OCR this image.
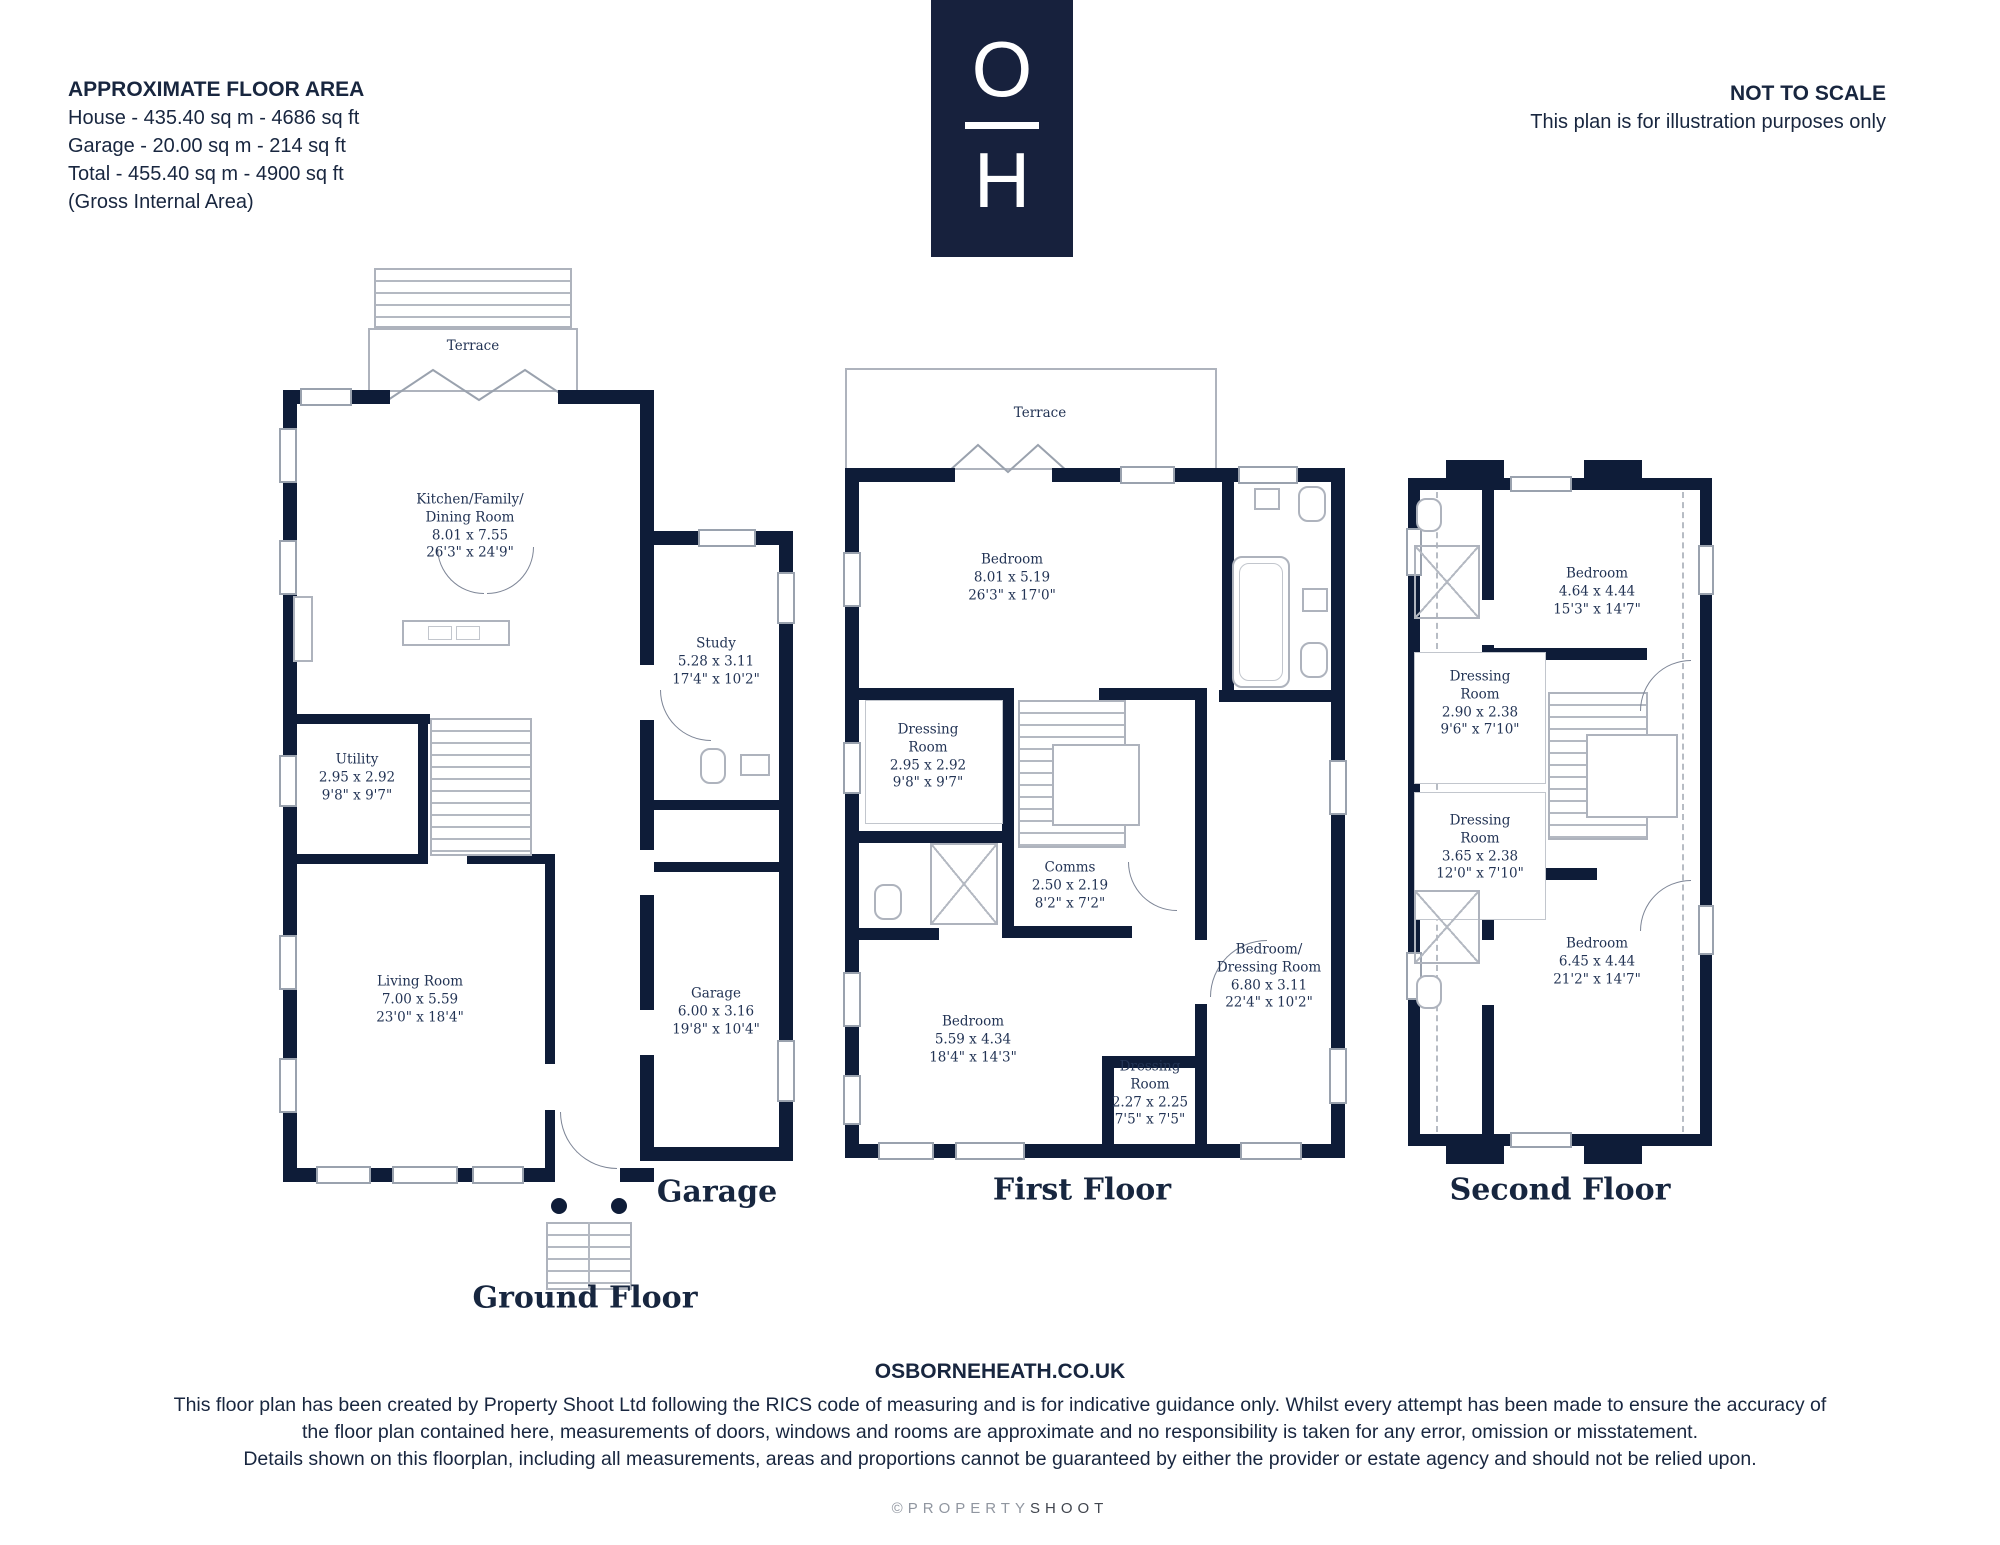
APPROXIMATE FLOOR AREA
House - 435.40 sq m - 4686 sq ft
Garage - 20.00 sq m - 214 sq ft
Total - 455.40 sq m - 4900 sq ft
(Gross Internal Area)
O
H
NOT TO SCALE
This plan is for illustration purposes only
Terrace
Kitchen/Family/
Dining Room
8.01 x 7.55
26'3" x 24'9"
Study
5.28 x 3.11
17'4" x 10'2"
Utility
2.95 x 2.92
9'8" x 9'7"
Living Room
7.00 x 5.59
23'0" x 18'4"
Garage
6.00 x 3.16
19'8" x 10'4"
Garage
Ground Floor
Terrace
Bedroom
8.01 x 5.19
26'3" x 17'0"
Dressing
Room
2.95 x 2.92
9'8" x 9'7"
Comms
2.50 x 2.19
8'2" x 7'2"
Bedroom
5.59 x 4.34
18'4" x 14'3"
Dressing
Room
2.27 x 2.25
7'5" x 7'5"
Bedroom/
Dressing Room
6.80 x 3.11
22'4" x 10'2"
First Floor
Bedroom
4.64 x 4.44
15'3" x 14'7"
Dressing
Room
2.90 x 2.38
9'6" x 7'10"
Dressing
Room
3.65 x 2.38
12'0" x 7'10"
Bedroom
6.45 x 4.44
21'2" x 14'7"
Second Floor
OSBORNEHEATH.CO.UK
This floor plan has been created by Property Shoot Ltd following the RICS code of measuring and is for indicative guidance only. Whilst every attempt has been made to ensure the accuracy of
the floor plan contained here, measurements of doors, windows and rooms are approximate and no responsibility is taken for any error, omission or misstatement.
Details shown on this floorplan, including all measurements, areas and proportions cannot be guaranteed by either the provider or estate agency and should not be relied upon.
©PROPERTYSHOOT
